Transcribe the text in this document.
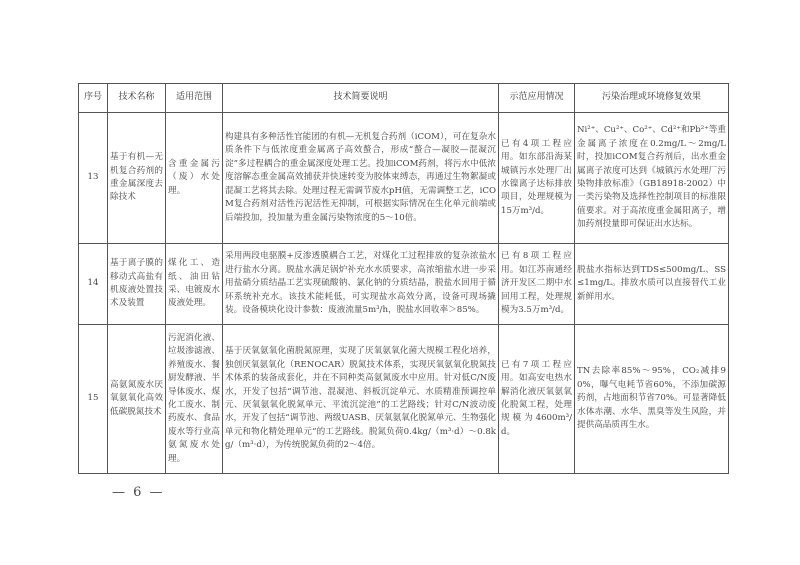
序号	技术名称	适用范围	技术简要说明	示范应用情况	污染治理或环境修复效果
13	基于有机—无机复合药剂的重金属深度去除技术	含重金属污（废）水处理。	构建具有多种活性官能团的有机—无机复合药剂（iCOM），可在复杂水质条件下与低浓度重金属离子高效螯合，形成“螯合—凝胶—混凝沉淀”多过程耦合的重金属深度处理工艺。投加iCOM药剂，将污水中低浓度溶解态重金属高效捕获并快速转变为胶体束缚态，再通过生物絮凝或混凝工艺将其去除。处理过程无需调节废水pH值，无需调整工艺，iCOM复合药剂对活性污泥活性无抑制，可根据实际情况在生化单元前端或后端投加，投加量为重金属污染物浓度的5～10倍。	已有4项工程应用。如东部沿海某城镇污水处理厂出水镍离子达标排放项目，处理规模为15万m³/d。	Ni²⁺、Cu²⁺、Co²⁺、Cd²⁺和Pb²⁺等重金属离子浓度在0.2mg/L～2mg/L时，投加iCOM复合药剂后，出水重金属离子浓度可达到《城镇污水处理厂污染物排放标准》（GB18918-2002）中一类污染物及选择性控制项目的标准限值要求。对于高浓度重金属阳离子，增加药剂投量即可保证出水达标。
14	基于离子膜的移动式高盐有机废液处置技术及装置	煤化工、造纸、油田钻采、电镀废水废液处理。	采用两段电驱膜+反渗透膜耦合工艺，对煤化工过程排放的复杂浓盐水进行盐水分离。脱盐水满足锅炉补充水水质要求，高浓缩盐水进一步采用盐硝分质结晶工艺实现硫酸钠、氯化钠的分质结晶，脱盐水回用于循环系统补充水。该技术能耗低，可实现盐水高效分离，设备可现场撬装。设备模块化设计参数：废液流量5m³/h，脱盐水回收率＞85%。	已有8项工程应用。如江苏南通经济开发区二期中水回用工程，处理规模为3.5万m³/d。	脱盐水指标达到TDS≤500mg/L、SS≤1mg/L。排放水质可以直接替代工业新鲜用水。
15	高氨氮废水厌氧氨氧化高效低碳脱氮技术	污泥消化液、垃圾渗滤液、养殖废水、餐厨发酵液、半导体废水、煤化工废水、制药废水、食品废水等行业高氨氮废水处理。	基于厌氧氨氧化菌脱氮原理，实现了厌氧氨氧化菌大规模工程化培养，独创厌氧氨氧化（RENOCAR）脱氮技术体系，实现厌氧氨氧化脱氮技术体系的装备成套化，并在不同种类高氨氮废水中应用。针对低C/N废水，开发了包括“调节池、混凝池、斜板沉淀单元、水质精准预调控单元、厌氧氨氧化脱氮单元、平流沉淀池”的工艺路线；针对C/N波动废水，开发了包括“调节池、两级UASB、厌氧氨氧化脱氮单元、生物强化单元和物化精处理单元”的工艺路线。脱氮负荷0.4kg/（m³·d）～0.8kg/（m³·d），为传统脱氮负荷的2～4倍。	已有7项工程应用。如高安电热水解消化液厌氧氨氧化脱氮工程，处理规模为4600m³/d。	TN去除率85%～95%，CO₂减排90%，曝气电耗节省60%，不添加碳源药剂，占地面积节省70%。可显著降低水体赤潮、水华、黑臭等发生风险，并提供高品质再生水。
— 6 —
